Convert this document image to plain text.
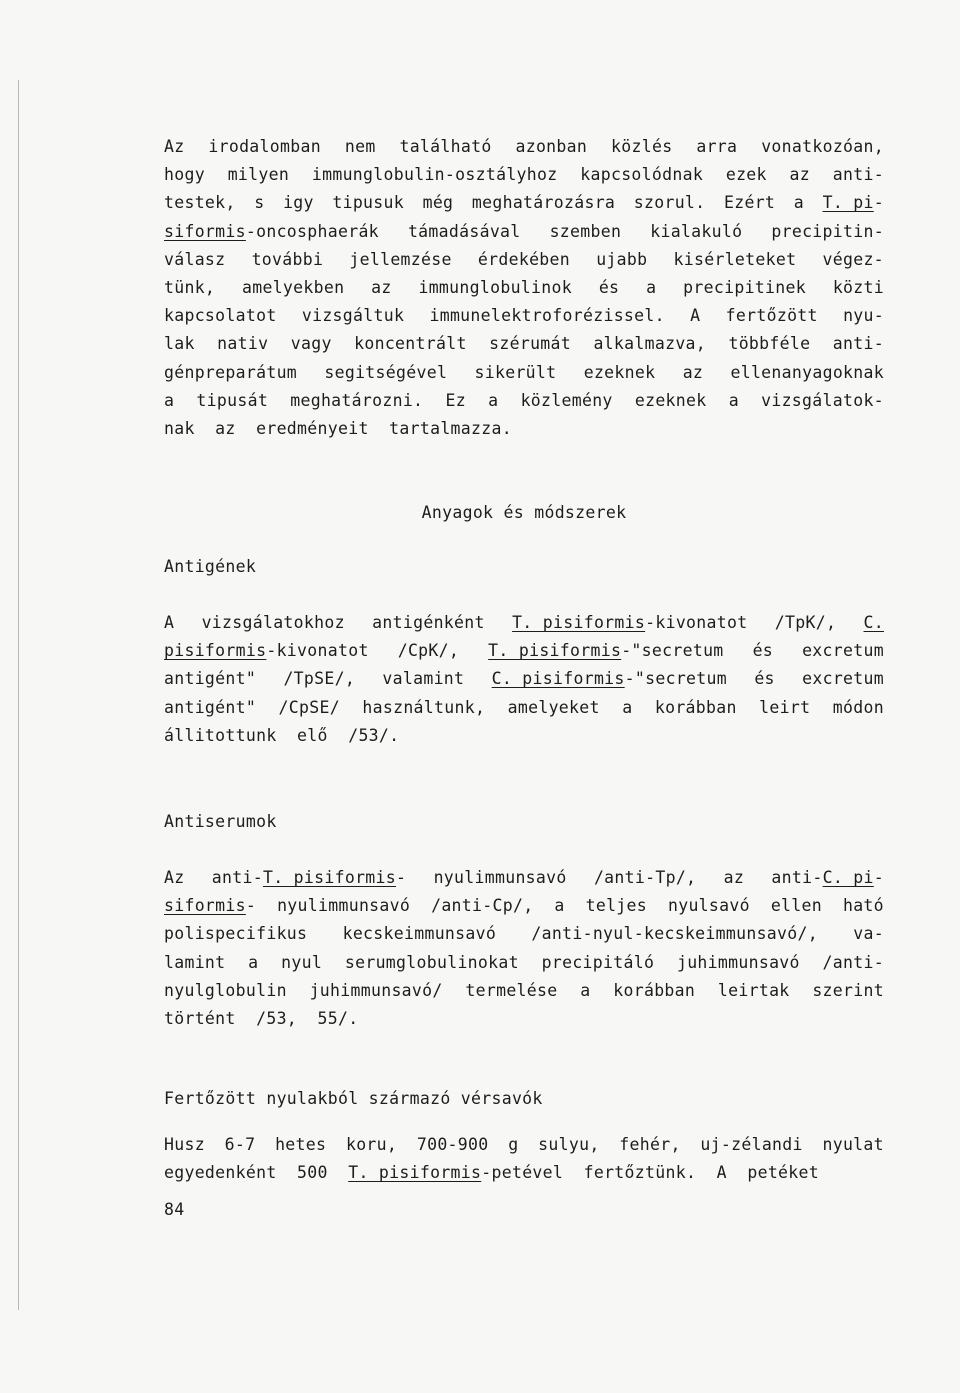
Az irodalomban nem található azonban közlés arra vonatkozóan,
hogy milyen immunglobulin-osztályhoz kapcsolódnak ezek az anti-
testek, s igy tipusuk még meghatározásra szorul. Ezért a T. pi-
siformis-oncosphaerák támadásával szemben kialakuló precipitin-
válasz további jellemzése érdekében ujabb kisérleteket végez-
tünk, amelyekben az immunglobulinok és a precipitinek közti
kapcsolatot vizsgáltuk immunelektroforézissel. A fertőzött nyu-
lak nativ vagy koncentrált szérumát alkalmazva, többféle anti-
génpreparátum segitségével sikerült ezeknek az ellenanyagoknak
a tipusát meghatározni. Ez a közlemény ezeknek a vizsgálatok-
nak
az
eredményeit
tartalmazza.
Anyagok és módszerek
Antigének
A vizsgálatokhoz antigénként T. pisiformis-kivonatot /TpK/, C.
pisiformis-kivonatot /CpK/, T. pisiformis-"secretum és excretum
antigént" /TpSE/, valamint C. pisiformis-"secretum és excretum
antigént" /CpSE/ használtunk, amelyeket a korábban leirt módon
állitottunk
elő
/53/.
Antiserumok
Az anti-T. pisiformis- nyulimmunsavó /anti-Tp/, az anti-C. pi-
siformis- nyulimmunsavó /anti-Cp/, a teljes nyulsavó ellen ható
polispecifikus kecskeimmunsavó /anti-nyul-kecskeimmunsavó/, va-
lamint a nyul serumglobulinokat precipitáló juhimmunsavó /anti-
nyulglobulin juhimmunsavó/ termelése a korábban leirtak szerint
történt
/53,
55/.
Fertőzött nyulakból származó vérsavók
Husz 6-7 hetes koru, 700-900 g sulyu, fehér, uj-zélandi nyulat
egyedenként
500
T. pisiformis-petével
fertőztünk.
A
petéket
84
